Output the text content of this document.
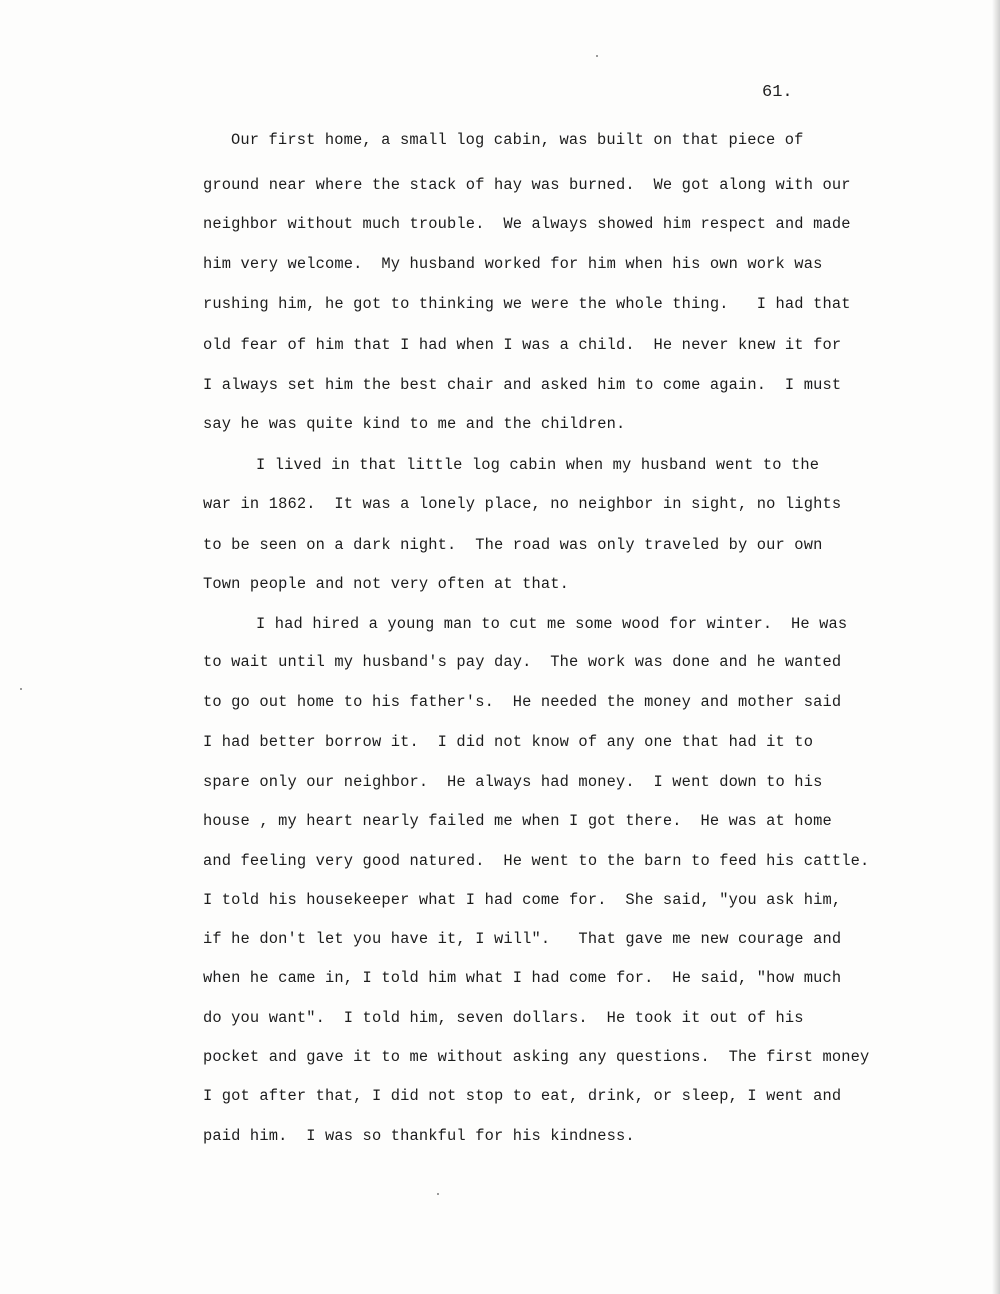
61.
Our first home, a small log cabin, was built on that piece of
ground near where the stack of hay was burned.  We got along with our
neighbor without much trouble.  We always showed him respect and made
him very welcome.  My husband worked for him when his own work was
rushing him, he got to thinking we were the whole thing.   I had that
old fear of him that I had when I was a child.  He never knew it for
I always set him the best chair and asked him to come again.  I must
say he was quite kind to me and the children.
I lived in that little log cabin when my husband went to the
war in 1862.  It was a lonely place, no neighbor in sight, no lights
to be seen on a dark night.  The road was only traveled by our own
Town people and not very often at that.
I had hired a young man to cut me some wood for winter.  He was
to wait until my husband's pay day.  The work was done and he wanted
to go out home to his father's.  He needed the money and mother said
I had better borrow it.  I did not know of any one that had it to
spare only our neighbor.  He always had money.  I went down to his
house , my heart nearly failed me when I got there.  He was at home
and feeling very good natured.  He went to the barn to feed his cattle.
I told his housekeeper what I had come for.  She said, "you ask him,
if he don't let you have it, I will".   That gave me new courage and
when he came in, I told him what I had come for.  He said, "how much
do you want".  I told him, seven dollars.  He took it out of his
pocket and gave it to me without asking any questions.  The first money
I got after that, I did not stop to eat, drink, or sleep, I went and
paid him.  I was so thankful for his kindness.
